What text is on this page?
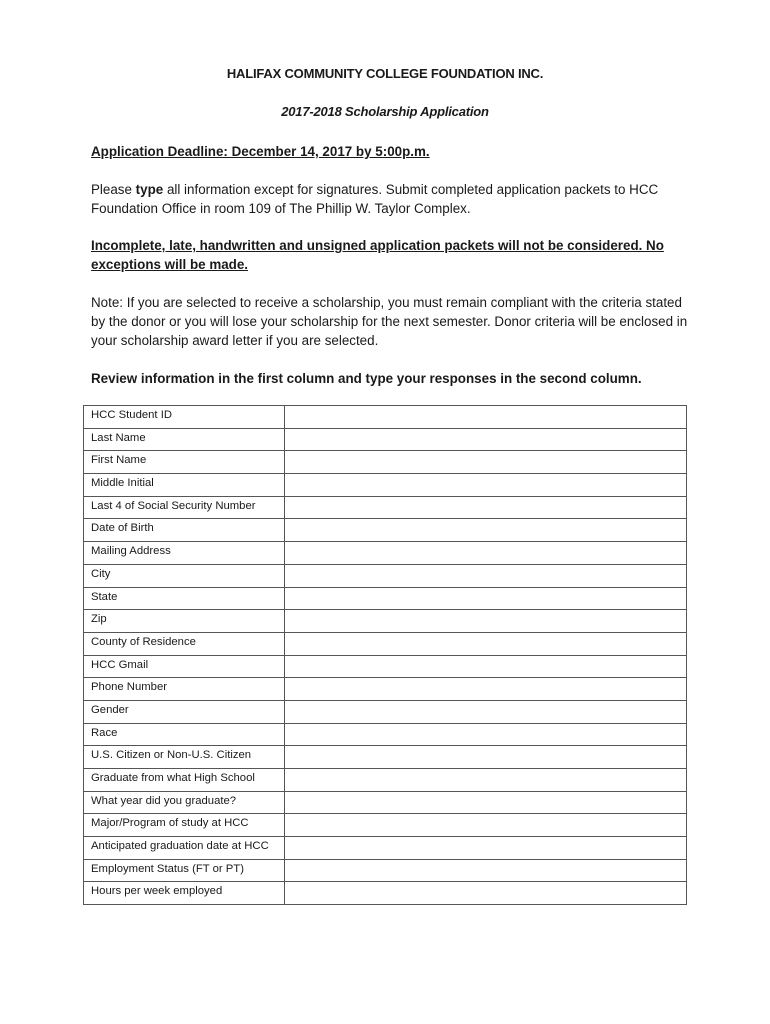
HALIFAX COMMUNITY COLLEGE FOUNDATION INC.
2017-2018 Scholarship Application
Application Deadline: December 14, 2017 by 5:00p.m.
Please type all information except for signatures. Submit completed application packets to HCC Foundation Office in room 109 of The Phillip W. Taylor Complex.
Incomplete, late, handwritten and unsigned application packets will not be considered. No exceptions will be made.
Note: If you are selected to receive a scholarship, you must remain compliant with the criteria stated by the donor or you will lose your scholarship for the next semester. Donor criteria will be enclosed in your scholarship award letter if you are selected.
Review information in the first column and type your responses in the second column.
HCC Student ID	
Last Name	
First Name	
Middle Initial	
Last 4 of Social Security Number	
Date of Birth	
Mailing Address	
City	
State	
Zip	
County of Residence	
HCC Gmail	
Phone Number	
Gender	
Race	
U.S. Citizen or Non-U.S. Citizen	
Graduate from what High School	
What year did you graduate?	
Major/Program of study at HCC	
Anticipated graduation date at HCC	
Employment Status (FT or PT)	
Hours per week employed	
